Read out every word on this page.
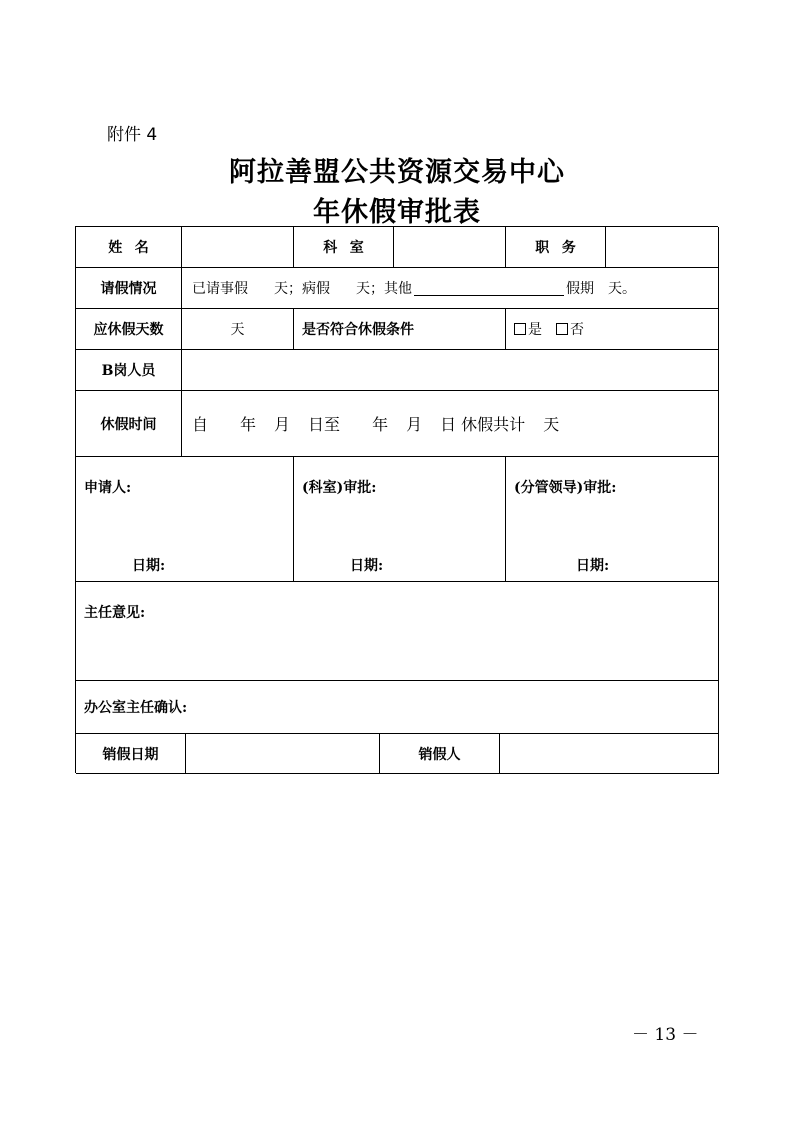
附件 4
阿拉善盟公共资源交易中心
年休假审批表
姓名	科室	职务
请假情况	已请事假 天；病假 天；其他	假期 天。
应休假天数	天	是否符合休假条件	是 否
B岗人员
休假时间 自 年 月 日至 年 月 日 休假共计 天
申请人:
日期:
(科室)审批:
日期:
(分管领导)审批:
日期:
主任意见:
办公室主任确认:
销假日期	销假人
－ 13 －
